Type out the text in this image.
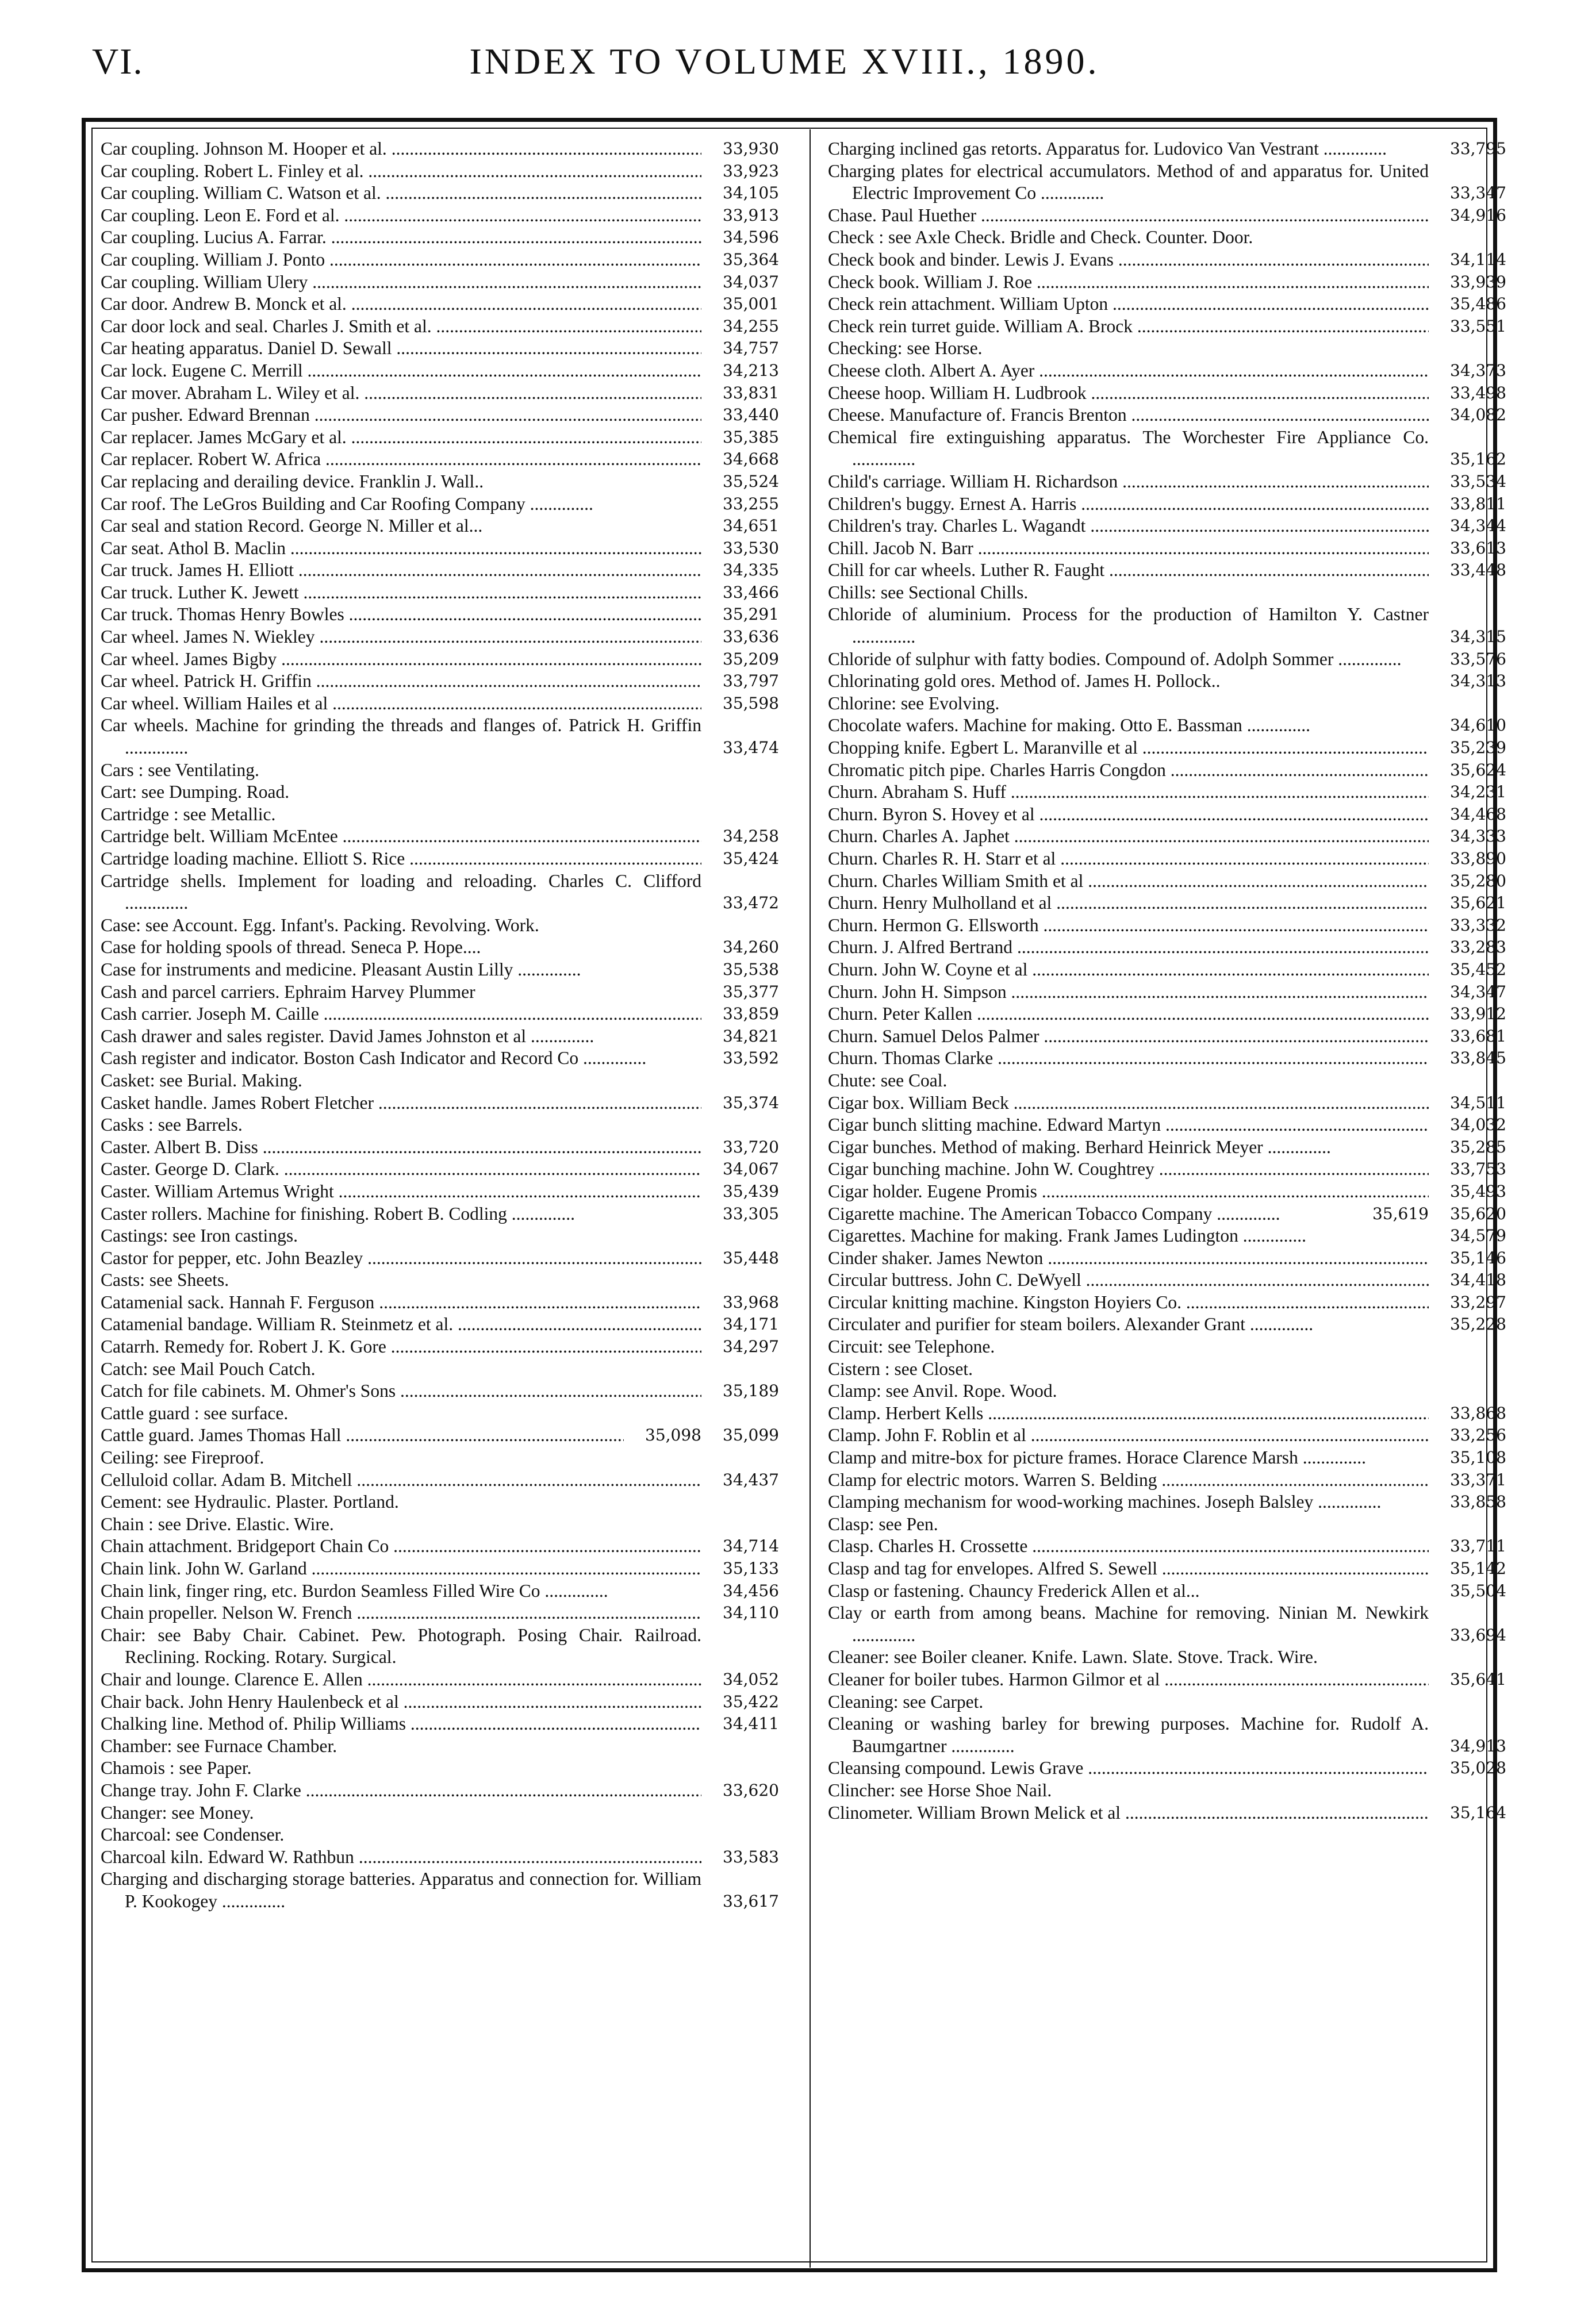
VI.	INDEX TO VOLUME XVIII., 1890.
Car coupling. Johnson M. Hooper et al. .....	33,930
Car coupling. Robert L. Finley et al. .....	33,923
Car coupling. William C. Watson et al. .....	34,105
Car coupling. Leon E. Ford et al. .....	33,913
Car coupling. Lucius A. Farrar. .....	34,596
Car coupling. William J. Ponto .....	35,364
Car coupling. William Ulery .....	34,037
Car door. Andrew B. Monck et al. .....	35,001
Car door lock and seal. Charles J. Smith et al. .....	34,255
Car heating apparatus. Daniel D. Sewall .....	34,757
Car lock. Eugene C. Merrill .....	34,213
Car mover. Abraham L. Wiley et al. .....	33,831
Car pusher. Edward Brennan .....	33,440
Car replacer. James McGary et al. .....	35,385
Car replacer. Robert W. Africa .....	34,668
Car replacing and derailing device. Franklin J. Wall..	35,524
Car roof. The LeGros Building and Car Roofing Company ..............	33,255
Car seal and station Record. George N. Miller et al...	34,651
Car seat. Athol B. Maclin .....	33,530
Car truck. James H. Elliott .....	34,335
Car truck. Luther K. Jewett .....	33,466
Car truck. Thomas Henry Bowles .....	35,291
Car wheel. James N. Wiekley .....	33,636
Car wheel. James Bigby .....	35,209
Car wheel. Patrick H. Griffin .....	33,797
Car wheel. William Hailes et al .....	35,598
Car wheels. Machine for grinding the threads and flanges of. Patrick H. Griffin ..............	33,474
Cars : see Ventilating.
Cart: see Dumping. Road.
Cartridge : see Metallic.
Cartridge belt. William McEntee .....	34,258
Cartridge loading machine. Elliott S. Rice .....	35,424
Cartridge shells. Implement for loading and reloading. Charles C. Clifford ..............	33,472
Case: see Account. Egg. Infant's. Packing. Revolving. Work.
Case for holding spools of thread. Seneca P. Hope....	34,260
Case for instruments and medicine. Pleasant Austin Lilly ..............	35,538
Cash and parcel carriers. Ephraim Harvey Plummer	35,377
Cash carrier. Joseph M. Caille .....	33,859
Cash drawer and sales register. David James Johnston et al ..............	34,821
Cash register and indicator. Boston Cash Indicator and Record Co ..............	33,592
Casket: see Burial. Making.
Casket handle. James Robert Fletcher .....	35,374
Casks : see Barrels.
Caster. Albert B. Diss .....	33,720
Caster. George D. Clark. .....	34,067
Caster. William Artemus Wright .....	35,439
Caster rollers. Machine for finishing. Robert B. Codling ..............	33,305
Castings: see Iron castings.
Castor for pepper, etc. John Beazley .....	35,448
Casts: see Sheets.
Catamenial sack. Hannah F. Ferguson .....	33,968
Catamenial bandage. William R. Steinmetz et al. .....	34,171
Catarrh. Remedy for. Robert J. K. Gore .....	34,297
Catch: see Mail Pouch Catch.
Catch for file cabinets. M. Ohmer's Sons .....	35,189
Cattle guard : see surface.
Cattle guard. James Thomas Hall .....	35,098	35,099
Ceiling: see Fireproof.
Celluloid collar. Adam B. Mitchell .....	34,437
Cement: see Hydraulic. Plaster. Portland.
Chain : see Drive. Elastic. Wire.
Chain attachment. Bridgeport Chain Co .....	34,714
Chain link. John W. Garland .....	35,133
Chain link, finger ring, etc. Burdon Seamless Filled Wire Co ..............	34,456
Chain propeller. Nelson W. French .....	34,110
Chair: see Baby Chair. Cabinet. Pew. Photograph. Posing Chair. Railroad. Reclining. Rocking. Rotary. Surgical.
Chair and lounge. Clarence E. Allen .....	34,052
Chair back. John Henry Haulenbeck et al .....	35,422
Chalking line. Method of. Philip Williams .....	34,411
Chamber: see Furnace Chamber.
Chamois : see Paper.
Change tray. John F. Clarke .....	33,620
Changer: see Money.
Charcoal: see Condenser.
Charcoal kiln. Edward W. Rathbun .....	33,583
Charging and discharging storage batteries. Apparatus and connection for. William P. Kookogey ..............	33,617
Charging inclined gas retorts. Apparatus for. Ludovico Van Vestrant ..............	33,795
Charging plates for electrical accumulators. Method of and apparatus for. United Electric Improvement Co ..............	33,347
Chase. Paul Huether .....	34,916
Check : see Axle Check. Bridle and Check. Counter. Door.
Check book and binder. Lewis J. Evans .....	34,114
Check book. William J. Roe .....	33,939
Check rein attachment. William Upton .....	35,486
Check rein turret guide. William A. Brock .....	33,551
Checking: see Horse.
Cheese cloth. Albert A. Ayer .....	34,373
Cheese hoop. William H. Ludbrook .....	33,498
Cheese. Manufacture of. Francis Brenton .....	34,082
Chemical fire extinguishing apparatus. The Worchester Fire Appliance Co. ..............	35,162
Child's carriage. William H. Richardson .....	33,534
Children's buggy. Ernest A. Harris .....	33,811
Children's tray. Charles L. Wagandt .....	34,344
Chill. Jacob N. Barr .....	33,613
Chill for car wheels. Luther R. Faught .....	33,448
Chills: see Sectional Chills.
Chloride of aluminium. Process for the production of Hamilton Y. Castner ..............	34,315
Chloride of sulphur with fatty bodies. Compound of. Adolph Sommer ..............	33,576
Chlorinating gold ores. Method of. James H. Pollock..	34,313
Chlorine: see Evolving.
Chocolate wafers. Machine for making. Otto E. Bassman ..............	34,610
Chopping knife. Egbert L. Maranville et al .....	35,239
Chromatic pitch pipe. Charles Harris Congdon .....	35,624
Churn. Abraham S. Huff .....	34,231
Churn. Byron S. Hovey et al .....	34,468
Churn. Charles A. Japhet .....	34,333
Churn. Charles R. H. Starr et al .....	33,890
Churn. Charles William Smith et al .....	35,280
Churn. Henry Mulholland et al .....	35,621
Churn. Hermon G. Ellsworth .....	33,332
Churn. J. Alfred Bertrand .....	33,283
Churn. John W. Coyne et al .....	35,452
Churn. John H. Simpson .....	34,347
Churn. Peter Kallen .....	33,912
Churn. Samuel Delos Palmer .....	33,681
Churn. Thomas Clarke .....	33,845
Chute: see Coal.
Cigar box. William Beck .....	34,511
Cigar bunch slitting machine. Edward Martyn .....	34,032
Cigar bunches. Method of making. Berhard Heinrick Meyer ..............	35,285
Cigar bunching machine. John W. Coughtrey .....	33,753
Cigar holder. Eugene Promis .....	35,493
Cigarette machine. The American Tobacco Company ..............	35,619	35,620
Cigarettes. Machine for making. Frank James Ludington ..............	34,579
Cinder shaker. James Newton .....	35,146
Circular buttress. John C. DeWyell .....	34,418
Circular knitting machine. Kingston Hoyiers Co. .....	33,297
Circulater and purifier for steam boilers. Alexander Grant ..............	35,228
Circuit: see Telephone.
Cistern : see Closet.
Clamp: see Anvil. Rope. Wood.
Clamp. Herbert Kells .....	33,868
Clamp. John F. Roblin et al .....	33,256
Clamp and mitre-box for picture frames. Horace Clarence Marsh ..............	35,108
Clamp for electric motors. Warren S. Belding .....	33,371
Clamping mechanism for wood-working machines. Joseph Balsley ..............	33,858
Clasp: see Pen.
Clasp. Charles H. Crossette .....	33,711
Clasp and tag for envelopes. Alfred S. Sewell .....	35,142
Clasp or fastening. Chauncy Frederick Allen et al...	35,504
Clay or earth from among beans. Machine for removing. Ninian M. Newkirk ..............	33,694
Cleaner: see Boiler cleaner. Knife. Lawn. Slate. Stove. Track. Wire.
Cleaner for boiler tubes. Harmon Gilmor et al .....	35,641
Cleaning: see Carpet.
Cleaning or washing barley for brewing purposes. Machine for. Rudolf A. Baumgartner ..............	34,913
Cleansing compound. Lewis Grave .....	35,028
Clincher: see Horse Shoe Nail.
Clinometer. William Brown Melick et al .....	35,164
